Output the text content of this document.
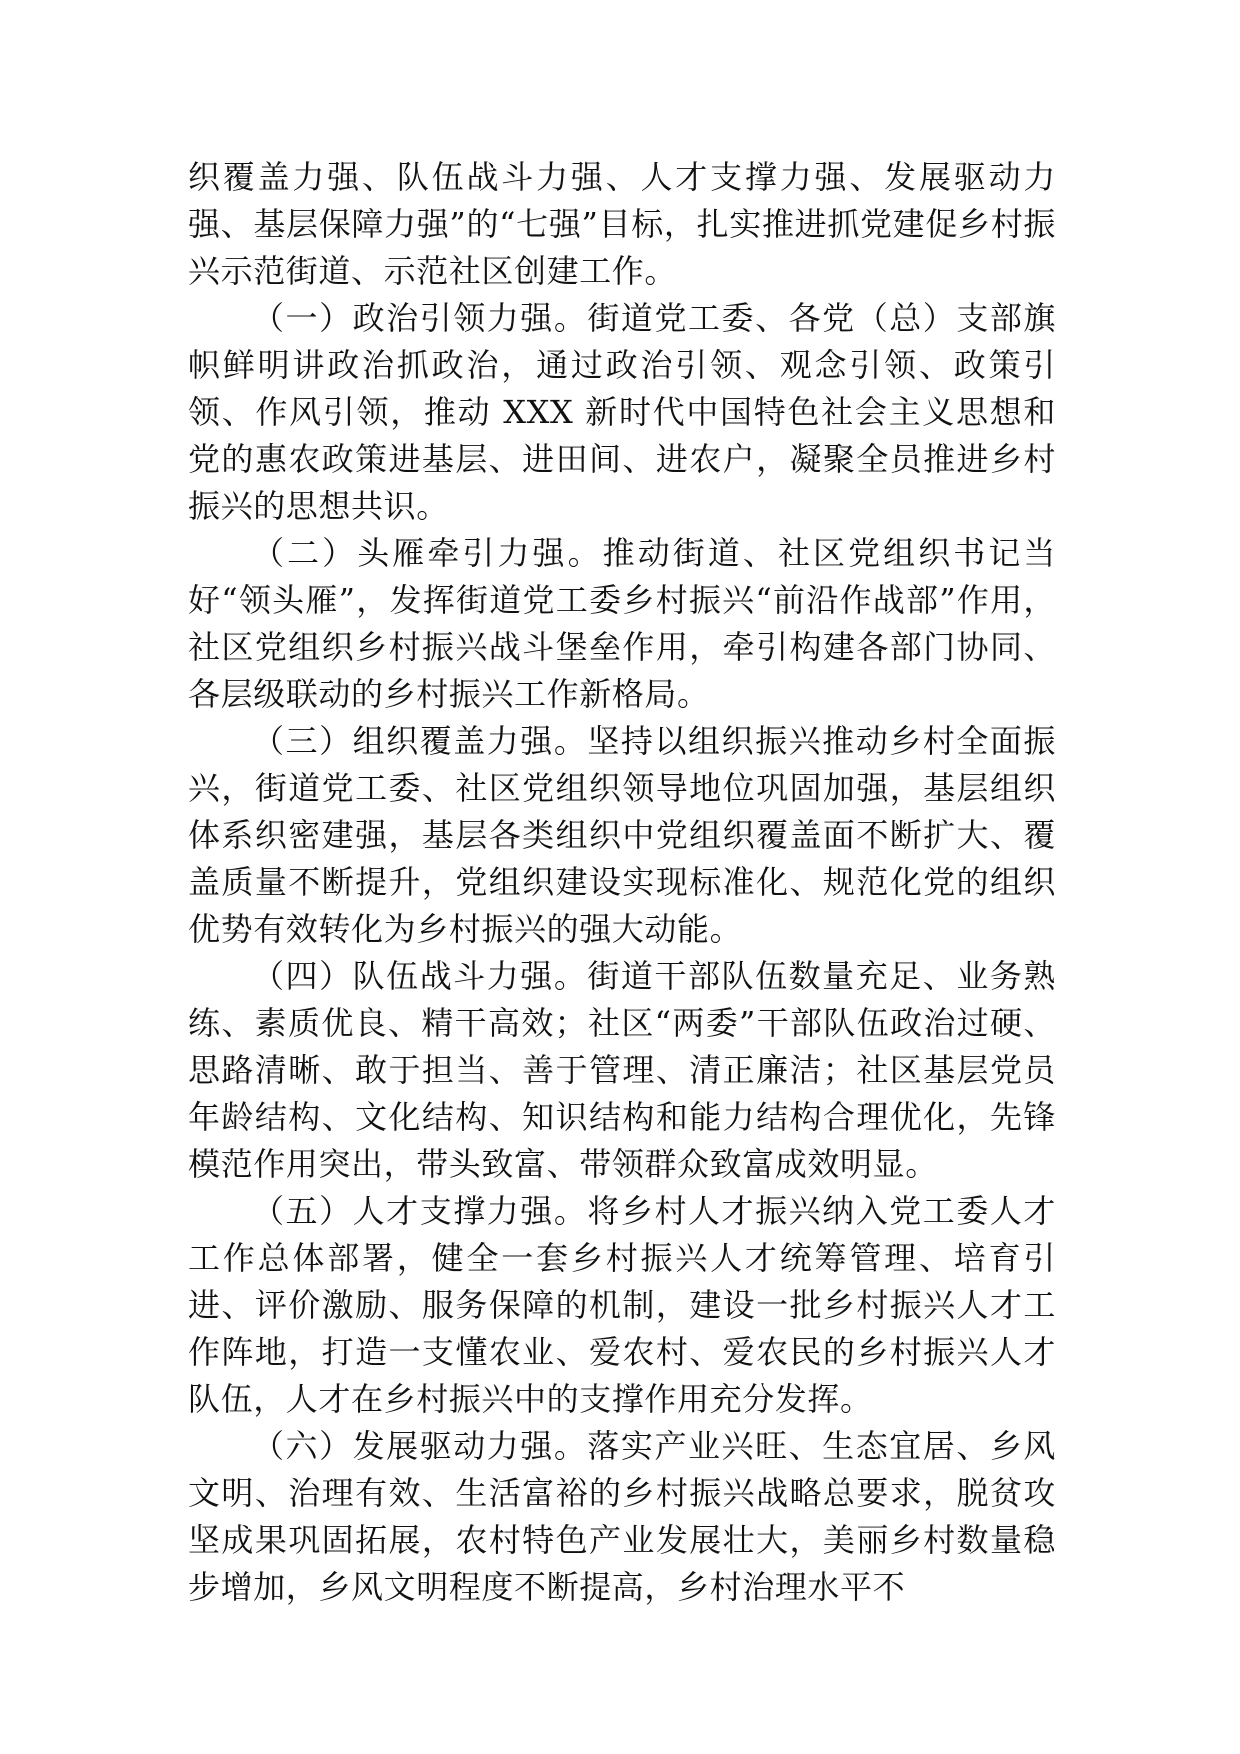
织覆盖力强、队伍战斗力强、人才支撑力强、发展驱动力强、基层保障力强”的“七强”目标，扎实推进抓党建促乡村振兴示范街道、示范社区创建工作。

（一）政治引领力强。街道党工委、各党（总）支部旗帜鲜明讲政治抓政治，通过政治引领、观念引领、政策引领、作风引领，推动 XXX 新时代中国特色社会主义思想和党的惠农政策进基层、进田间、进农户，凝聚全员推进乡村振兴的思想共识。

（二）头雁牵引力强。推动街道、社区党组织书记当好“领头雁”，发挥街道党工委乡村振兴“前沿作战部”作用，社区党组织乡村振兴战斗堡垒作用，牵引构建各部门协同、各层级联动的乡村振兴工作新格局。

（三）组织覆盖力强。坚持以组织振兴推动乡村全面振兴，街道党工委、社区党组织领导地位巩固加强，基层组织体系织密建强，基层各类组织中党组织覆盖面不断扩大、覆盖质量不断提升，党组织建设实现标准化、规范化党的组织优势有效转化为乡村振兴的强大动能。

（四）队伍战斗力强。街道干部队伍数量充足、业务熟练、素质优良、精干高效；社区“两委”干部队伍政治过硬、思路清晰、敢于担当、善于管理、清正廉洁；社区基层党员年龄结构、文化结构、知识结构和能力结构合理优化，先锋模范作用突出，带头致富、带领群众致富成效明显。

（五）人才支撑力强。将乡村人才振兴纳入党工委人才工作总体部署，健全一套乡村振兴人才统筹管理、培育引进、评价激励、服务保障的机制，建设一批乡村振兴人才工作阵地，打造一支懂农业、爱农村、爱农民的乡村振兴人才队伍，人才在乡村振兴中的支撑作用充分发挥。

（六）发展驱动力强。落实产业兴旺、生态宜居、乡风文明、治理有效、生活富裕的乡村振兴战略总要求，脱贫攻坚成果巩固拓展，农村特色产业发展壮大，美丽乡村数量稳步增加，乡风文明程度不断提高，乡村治理水平不
